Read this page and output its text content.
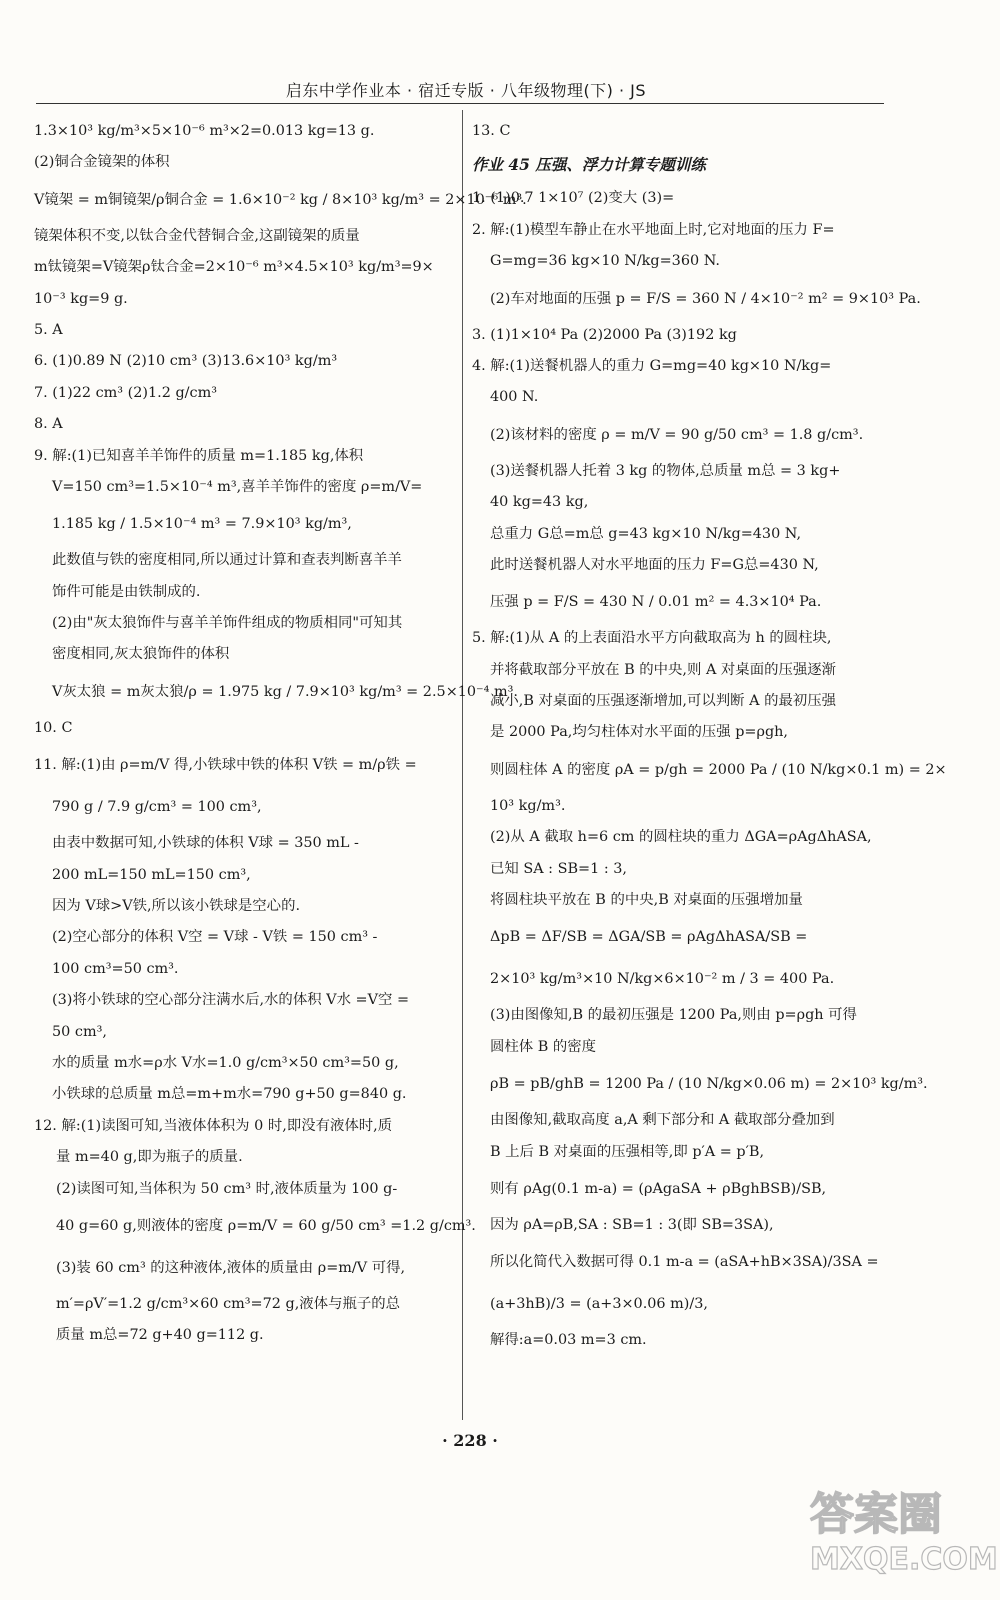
启东中学作业本 · 宿迁专版 · 八年级物理(下) · JS
1.3×10³ kg/m³×5×10⁻⁶ m³×2=0.013 kg=13 g.
(2)铜合金镜架的体积
V镜架 = m铜镜架/ρ铜合金 = 1.6×10⁻² kg / 8×10³ kg/m³ = 2×10⁻⁶ m³.
镜架体积不变,以钛合金代替铜合金,这副镜架的质量
m钛镜架=V镜架ρ钛合金=2×10⁻⁶ m³×4.5×10³ kg/m³=9×
10⁻³ kg=9 g.
5. A
6. (1)0.89 N (2)10 cm³ (3)13.6×10³ kg/m³
7. (1)22 cm³ (2)1.2 g/cm³
8. A
9. 解:(1)已知喜羊羊饰件的质量 m=1.185 kg,体积
V=150 cm³=1.5×10⁻⁴ m³,喜羊羊饰件的密度 ρ=m/V=
1.185 kg / 1.5×10⁻⁴ m³ = 7.9×10³ kg/m³,
此数值与铁的密度相同,所以通过计算和查表判断喜羊羊
饰件可能是由铁制成的.
(2)由"灰太狼饰件与喜羊羊饰件组成的物质相同"可知其
密度相同,灰太狼饰件的体积
V灰太狼 = m灰太狼/ρ = 1.975 kg / 7.9×10³ kg/m³ = 2.5×10⁻⁴ m³.
10. C
11. 解:(1)由 ρ=m/V 得,小铁球中铁的体积 V铁 = m/ρ铁 =
790 g / 7.9 g/cm³ = 100 cm³,
由表中数据可知,小铁球的体积 V球 = 350 mL -
200 mL=150 mL=150 cm³,
因为 V球>V铁,所以该小铁球是空心的.
(2)空心部分的体积 V空 = V球 - V铁 = 150 cm³ -
100 cm³=50 cm³.
(3)将小铁球的空心部分注满水后,水的体积 V水 =V空 =
50 cm³,
水的质量 m水=ρ水 V水=1.0 g/cm³×50 cm³=50 g,
小铁球的总质量 m总=m+m水=790 g+50 g=840 g.
12. 解:(1)读图可知,当液体体积为 0 时,即没有液体时,质
量 m=40 g,即为瓶子的质量.
(2)读图可知,当体积为 50 cm³ 时,液体质量为 100 g-
40 g=60 g,则液体的密度 ρ=m/V = 60 g/50 cm³ =1.2 g/cm³.
(3)装 60 cm³ 的这种液体,液体的质量由 ρ=m/V 可得,
m′=ρV′=1.2 g/cm³×60 cm³=72 g,液体与瓶子的总
质量 m总=72 g+40 g=112 g.
13. C
作业 45 压强、浮力计算专题训练
1. (1)0.7 1×10⁷ (2)变大 (3)=
2. 解:(1)模型车静止在水平地面上时,它对地面的压力 F=
G=mg=36 kg×10 N/kg=360 N.
(2)车对地面的压强 p = F/S = 360 N / 4×10⁻² m² = 9×10³ Pa.
3. (1)1×10⁴ Pa (2)2000 Pa (3)192 kg
4. 解:(1)送餐机器人的重力 G=mg=40 kg×10 N/kg=
400 N.
(2)该材料的密度 ρ = m/V = 90 g/50 cm³ = 1.8 g/cm³.
(3)送餐机器人托着 3 kg 的物体,总质量 m总 = 3 kg+
40 kg=43 kg,
总重力 G总=m总 g=43 kg×10 N/kg=430 N,
此时送餐机器人对水平地面的压力 F=G总=430 N,
压强 p = F/S = 430 N / 0.01 m² = 4.3×10⁴ Pa.
5. 解:(1)从 A 的上表面沿水平方向截取高为 h 的圆柱块,
并将截取部分平放在 B 的中央,则 A 对桌面的压强逐渐
减小,B 对桌面的压强逐渐增加,可以判断 A 的最初压强
是 2000 Pa,均匀柱体对水平面的压强 p=ρgh,
则圆柱体 A 的密度 ρA = p/gh = 2000 Pa / (10 N/kg×0.1 m) = 2×
10³ kg/m³.
(2)从 A 截取 h=6 cm 的圆柱块的重力 ΔGA=ρAgΔhASA,
已知 SA : SB=1 : 3,
将圆柱块平放在 B 的中央,B 对桌面的压强增加量
ΔpB = ΔF/SB = ΔGA/SB = ρAgΔhASA/SB =
2×10³ kg/m³×10 N/kg×6×10⁻² m / 3 = 400 Pa.
(3)由图像知,B 的最初压强是 1200 Pa,则由 p=ρgh 可得
圆柱体 B 的密度
ρB = pB/ghB = 1200 Pa / (10 N/kg×0.06 m) = 2×10³ kg/m³.
由图像知,截取高度 a,A 剩下部分和 A 截取部分叠加到
B 上后 B 对桌面的压强相等,即 p′A = p′B,
则有 ρAg(0.1 m-a) = (ρAgaSA + ρBghBSB)/SB,
因为 ρA=ρB,SA : SB=1 : 3(即 SB=3SA),
所以化简代入数据可得 0.1 m-a = (aSA+hB×3SA)/3SA =
(a+3hB)/3 = (a+3×0.06 m)/3,
解得:a=0.03 m=3 cm.
· 228 ·
答案圈
MXQE.COM
